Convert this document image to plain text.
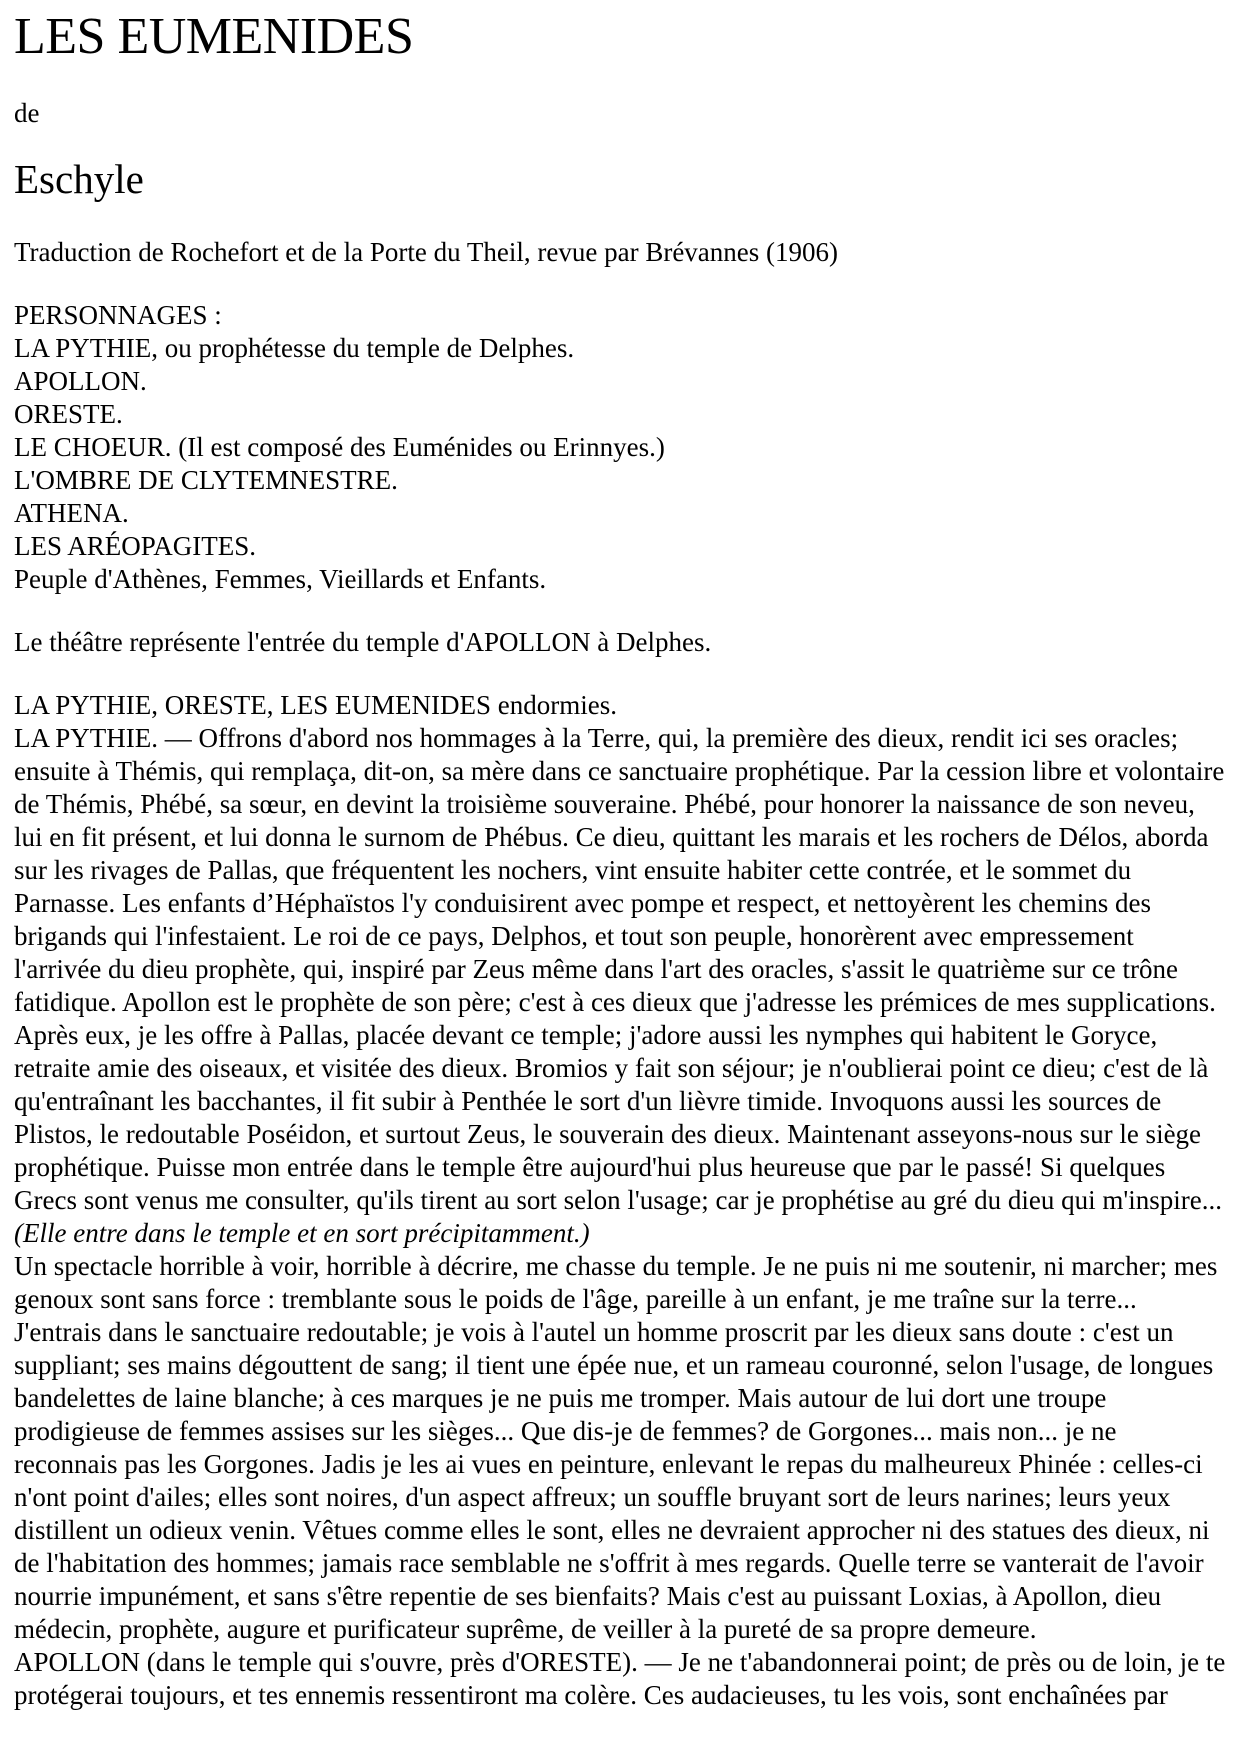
LES EUMENIDES

de

Eschyle

Traduction de Rochefort et de la Porte du Theil, revue par Brévannes (1906)

PERSONNAGES :
LA PYTHIE, ou prophétesse du temple de Delphes.
APOLLON.
ORESTE.
LE CHOEUR. (Il est composé des Euménides ou Erinnyes.)
L'OMBRE DE CLYTEMNESTRE.
ATHENA.
LES ARÉOPAGITES.
Peuple d'Athènes, Femmes, Vieillards et Enfants.

Le théâtre représente l'entrée du temple d'APOLLON à Delphes.

LA PYTHIE, ORESTE, LES EUMENIDES endormies.
LA PYTHIE. — Offrons d'abord nos hommages à la Terre, qui, la première des dieux, rendit ici ses oracles; ensuite à Thémis, qui remplaça, dit-on, sa mère dans ce sanctuaire prophétique. Par la cession libre et volontaire de Thémis, Phébé, sa sœur, en devint la troisième souveraine. Phébé, pour honorer la naissance de son neveu, lui en fit présent, et lui donna le surnom de Phébus. Ce dieu, quittant les marais et les rochers de Délos, aborda sur les rivages de Pallas, que fréquentent les nochers, vint ensuite habiter cette contrée, et le sommet du Parnasse. Les enfants d’Héphaïstos l'y conduisirent avec pompe et respect, et nettoyèrent les chemins des brigands qui l'infestaient. Le roi de ce pays, Delphos, et tout son peuple, honorèrent avec empressement l'arrivée du dieu prophète, qui, inspiré par Zeus même dans l'art des oracles, s'assit le quatrième sur ce trône fatidique. Apollon est le prophète de son père; c'est à ces dieux que j'adresse les prémices de mes supplications. Après eux, je les offre à Pallas, placée devant ce temple; j'adore aussi les nymphes qui habitent le Goryce, retraite amie des oiseaux, et visitée des dieux. Bromios y fait son séjour; je n'oublierai point ce dieu; c'est de là qu'entraînant les bacchantes, il fit subir à Penthée le sort d'un lièvre timide. Invoquons aussi les sources de Plistos, le redoutable Poséidon, et surtout Zeus, le souverain des dieux. Maintenant asseyons-nous sur le siège prophétique. Puisse mon entrée dans le temple être aujourd'hui plus heureuse que par le passé! Si quelques Grecs sont venus me consulter, qu'ils tirent au sort selon l'usage; car je prophétise au gré du dieu qui m'inspire...
(Elle entre dans le temple et en sort précipitamment.)
Un spectacle horrible à voir, horrible à décrire, me chasse du temple. Je ne puis ni me soutenir, ni marcher; mes genoux sont sans force : tremblante sous le poids de l'âge, pareille à un enfant, je me traîne sur la terre... J'entrais dans le sanctuaire redoutable; je vois à l'autel un homme proscrit par les dieux sans doute : c'est un suppliant; ses mains dégouttent de sang; il tient une épée nue, et un rameau couronné, selon l'usage, de longues bandelettes de laine blanche; à ces marques je ne puis me tromper. Mais autour de lui dort une troupe prodigieuse de femmes assises sur les sièges... Que dis-je de femmes? de Gorgones... mais non... je ne reconnais pas les Gorgones. Jadis je les ai vues en peinture, enlevant le repas du malheureux Phinée : celles-ci n'ont point d'ailes; elles sont noires, d'un aspect affreux; un souffle bruyant sort de leurs narines; leurs yeux distillent un odieux venin. Vêtues comme elles le sont, elles ne devraient approcher ni des statues des dieux, ni de l'habitation des hommes; jamais race semblable ne s'offrit à mes regards. Quelle terre se vanterait de l'avoir nourrie impunément, et sans s'être repentie de ses bienfaits? Mais c'est au puissant Loxias, à Apollon, dieu médecin, prophète, augure et purificateur suprême, de veiller à la pureté de sa propre demeure.
APOLLON (dans le temple qui s'ouvre, près d'ORESTE). — Je ne t'abandonnerai point; de près ou de loin, je te protégerai toujours, et tes ennemis ressentiront ma colère. Ces audacieuses, tu les vois, sont enchaînées par
